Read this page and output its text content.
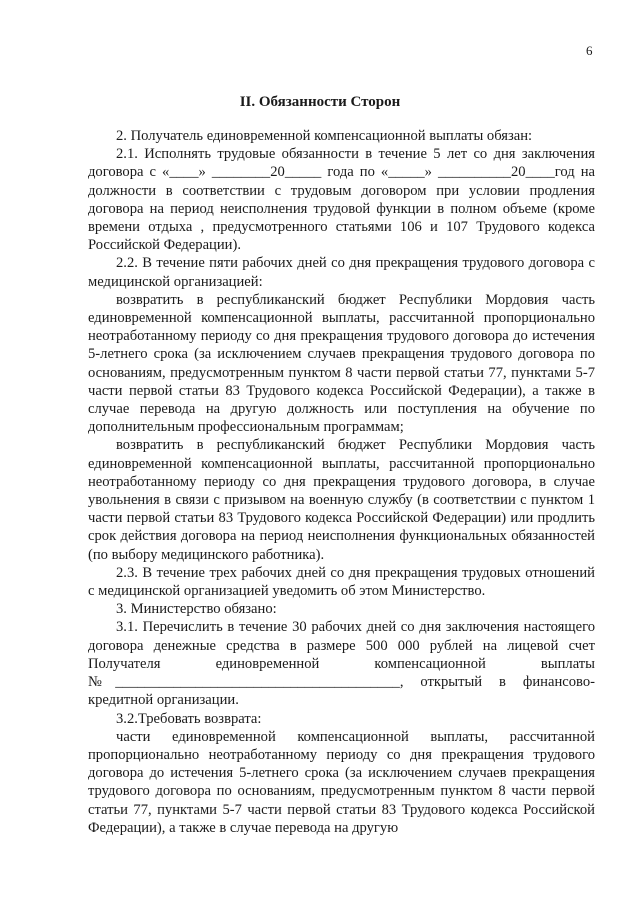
6
II. Обязанности Сторон

2. Получатель единовременной компенсационной выплаты обязан:

2.1. Исполнять трудовые обязанности в течение 5 лет со дня заключения договора с «____» ________20_____ года по «_____» __________20____год на должности в соответствии с трудовым договором при условии продления договора на период неисполнения трудовой функции в полном объеме (кроме времени отдыха , предусмотренного статьями 106 и 107 Трудового кодекса Российской Федерации).

2.2. В течение пяти рабочих дней со дня прекращения трудового договора с медицинской организацией:

возвратить в республиканский бюджет Республики Мордовия часть единовременной компенсационной выплаты, рассчитанной пропорционально неотработанному периоду со дня прекращения трудового договора до истечения 5-летнего срока (за исключением случаев прекращения трудового договора по основаниям, предусмотренным пунктом 8 части первой статьи 77, пунктами 5-7 части первой статьи 83 Трудового кодекса Российской Федерации), а также в случае перевода на другую должность или поступления на обучение по дополнительным профессиональным программам;

возвратить в республиканский бюджет Республики Мордовия часть единовременной компенсационной выплаты, рассчитанной пропорционально неотработанному периоду со дня прекращения трудового договора, в случае увольнения в связи с призывом на военную службу (в соответствии с пунктом 1 части первой статьи 83 Трудового кодекса Российской Федерации) или продлить срок действия договора на период неисполнения функциональных обязанностей (по выбору медицинского работника).

2.3. В течение трех рабочих дней со дня прекращения трудовых отношений с медицинской организацией уведомить об этом Министерство.

3. Министерство обязано:

3.1. Перечислить в течение 30 рабочих дней со дня заключения настоящего договора денежные средства в размере 500 000 рублей на лицевой счет Получателя единовременной компенсационной выплаты №_______________________________________, открытый в финансово-кредитной организации.

3.2.Требовать возврата:

части единовременной компенсационной выплаты, рассчитанной пропорционально неотработанному периоду со дня прекращения трудового договора до истечения 5-летнего срока (за исключением случаев прекращения трудового договора по основаниям, предусмотренным пунктом 8 части первой статьи 77, пунктами 5-7 части первой статьи 83 Трудового кодекса Российской Федерации), а также в случае перевода на другую
